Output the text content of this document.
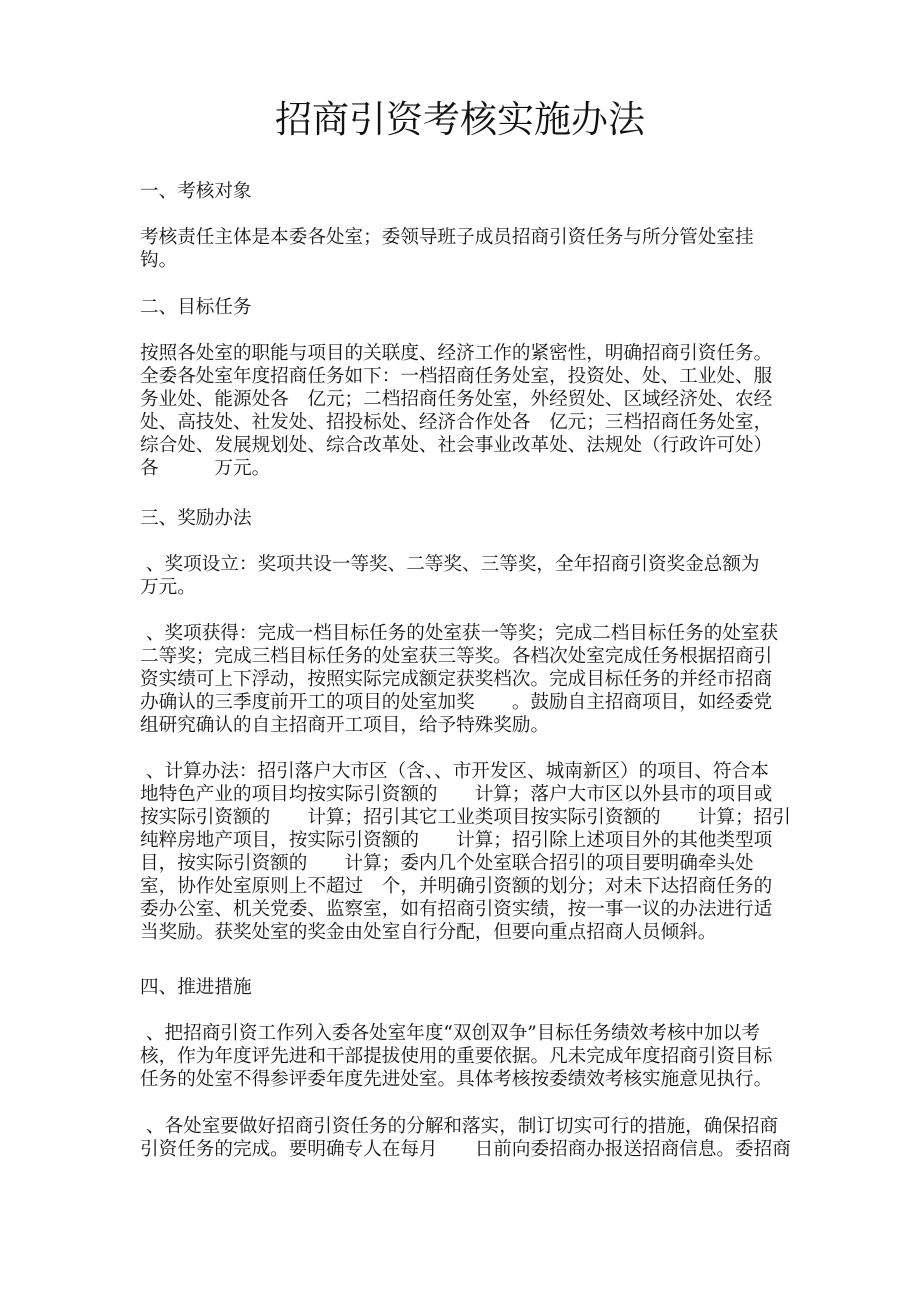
招商引资考核实施办法

一、考核对象

考核责任主体是本委各处室；委领导班子成员招商引资任务与所分管处室挂

钩。

二、目标任务

按照各处室的职能与项目的关联度、经济工作的紧密性，明确招商引资任务。

全委各处室年度招商任务如下：一档招商任务处室，投资处、处、工业处、服

务业处、能源处各　亿元；二档招商任务处室，外经贸处、区域经济处、农经

处、高技处、社发处、招投标处、经济合作处各　亿元；三档招商任务处室，

综合处、发展规划处、综合改革处、社会事业改革处、法规处（行政许可处）

各　　　万元。

三、奖励办法

、奖项设立：奖项共设一等奖、二等奖、三等奖，全年招商引资奖金总额为

万元。

、奖项获得：完成一档目标任务的处室获一等奖；完成二档目标任务的处室获

二等奖；完成三档目标任务的处室获三等奖。各档次处室完成任务根据招商引

资实绩可上下浮动，按照实际完成额定获奖档次。完成目标任务的并经市招商

办确认的三季度前开工的项目的处室加奖　　。鼓励自主招商项目，如经委党

组研究确认的自主招商开工项目，给予特殊奖励。

、计算办法：招引落户大市区（含、、市开发区、城南新区）的项目、符合本

地特色产业的项目均按实际引资额的　　计算；落户大市区以外县市的项目或

按实际引资额的　　计算；招引其它工业类项目按实际引资额的　　计算；招引

纯粹房地产项目，按实际引资额的　　计算；招引除上述项目外的其他类型项

目，按实际引资额的　　计算；委内几个处室联合招引的项目要明确牵头处

室，协作处室原则上不超过　个，并明确引资额的划分；对未下达招商任务的

委办公室、机关党委、监察室，如有招商引资实绩，按一事一议的办法进行适

当奖励。获奖处室的奖金由处室自行分配，但要向重点招商人员倾斜。

四、推进措施

、把招商引资工作列入委各处室年度“双创双争”目标任务绩效考核中加以考

核，作为年度评先进和干部提拔使用的重要依据。凡未完成年度招商引资目标

任务的处室不得参评委年度先进处室。具体考核按委绩效考核实施意见执行。

、各处室要做好招商引资任务的分解和落实，制订切实可行的措施，确保招商

引资任务的完成。要明确专人在每月　　日前向委招商办报送招商信息。委招商
